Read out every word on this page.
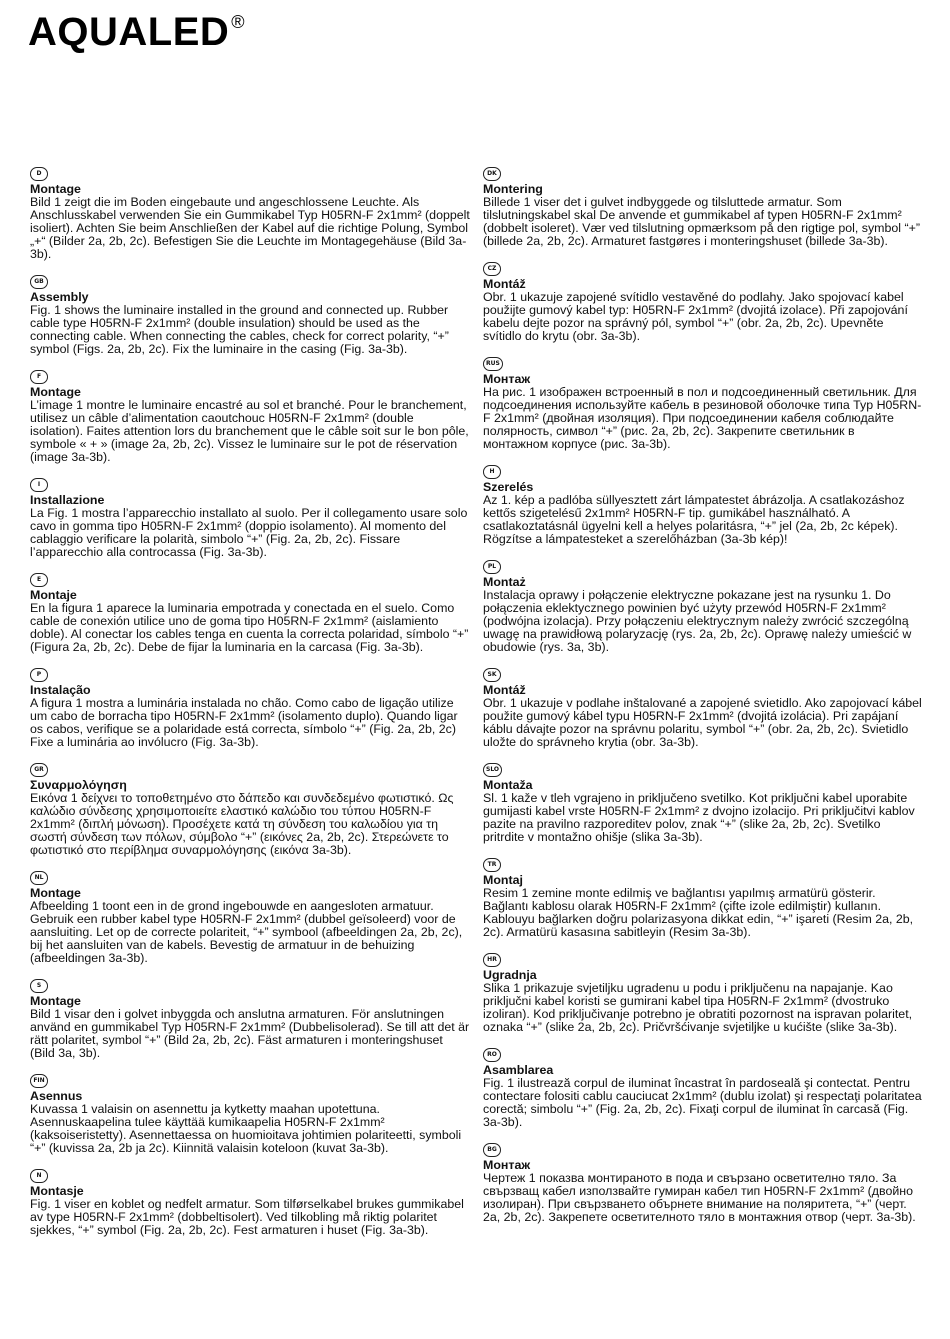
AQUALED ®
D

Montage

Bild 1 zeigt die im Boden eingebaute und angeschlossene Leuchte. Als Anschlusskabel verwenden Sie ein Gummikabel Typ H05RN-F 2x1mm² (doppelt isoliert). Achten Sie beim Anschließen der Kabel auf die richtige Polung, Symbol „+“ (Bilder 2a, 2b, 2c). Befestigen Sie die Leuchte im Montagegehäuse (Bild 3a-3b).

GB

Assembly

Fig. 1 shows the luminaire installed in the ground and connected up. Rubber cable type H05RN-F 2x1mm² (double insulation) should be used as the connecting cable. When connecting the cables, check for correct polarity, “+” symbol (Figs. 2a, 2b, 2c). Fix the luminaire in the casing (Fig. 3a-3b).

F

Montage

L’image 1 montre le luminaire encastré au sol et branché. Pour le branchement, utilisez un câble d’alimentation caoutchouc H05RN-F 2x1mm² (double isolation). Faites attention lors du branchement que le câble soit sur le bon pôle, symbole « + » (image 2a, 2b, 2c). Vissez le luminaire sur le pot de réservation (image 3a-3b).

I

Installazione

La Fig. 1 mostra l’apparecchio installato al suolo. Per il collegamento usare solo cavo in gomma tipo H05RN-F 2x1mm² (doppio isolamento). Al momento del cablaggio verificare la polarità, simbolo “+” (Fig. 2a, 2b, 2c). Fissare l’apparecchio alla controcassa (Fig. 3a-3b).

E

Montaje

En la figura 1 aparece la luminaria empotrada y conectada en el suelo. Como cable de conexión utilice uno de goma tipo H05RN-F 2x1mm² (aislamiento doble). Al conectar los cables tenga en cuenta la correcta polaridad, símbolo “+” (Figura 2a, 2b, 2c). Debe de fijar la luminaria en la carcasa (Fig. 3a-3b).

P

Instalação

A figura 1 mostra a luminária instalada no chão. Como cabo de ligação utilize um cabo de borracha tipo H05RN-F 2x1mm² (isolamento duplo). Quando ligar os cabos, verifique se a polaridade está correcta, símbolo “+” (Fig. 2a, 2b, 2c) Fixe a luminária ao invólucro (Fig. 3a-3b).

GR

Συναρμολόγηση

Εικόνα 1 δείχνει το τοποθετημένο στο δάπεδο και συνδεδεμένο φωτιστικό. Ως καλώδιο σύνδεσης χρησιμοποιείτε ελαστικό καλώδιο του τύπου H05RN-F 2x1mm² (διπλή μόνωση). Προσέχετε κατά τη σύνδεση του καλωδίου για τη σωστή σύνδεση των πόλων, σύμβολο “+” (εικόνες 2a, 2b, 2c). Στερεώνετε το φωτιστικό στο περίβλημα συναρμολόγησης (εικόνα 3a-3b).

NL

Montage

Afbeelding 1 toont een in de grond ingebouwde en aangesloten armatuur. Gebruik een rubber kabel type H05RN-F 2x1mm² (dubbel geïsoleerd) voor de aansluiting. Let op de correcte polariteit, “+” symbool (afbeeldingen 2a, 2b, 2c), bij het aansluiten van de kabels. Bevestig de armatuur in de behuizing (afbeeldingen 3a-3b).

S

Montage

Bild 1 visar den i golvet inbyggda och anslutna armaturen. För anslutningen använd en gummikabel Typ H05RN-F 2x1mm² (Dubbelisolerad). Se till att det är rätt polaritet, symbol “+” (Bild 2a, 2b, 2c). Fäst armaturen i monteringshuset (Bild 3a, 3b).

FIN

Asennus

Kuvassa 1 valaisin on asennettu ja kytketty maahan upotettuna. Asennuskaapelina tulee käyttää kumikaapelia H05RN-F 2x1mm² (kaksoiseristetty). Asennettaessa on huomioitava johtimien polariteetti, symboli “+” (kuvissa 2a, 2b ja 2c). Kiinnitä valaisin koteloon (kuvat 3a-3b).

N

Montasje

Fig. 1 viser en koblet og nedfelt armatur. Som tilførselkabel brukes gummikabel av type H05RN-F 2x1mm² (dobbeltisolert). Ved tilkobling må riktig polaritet sjekkes, “+” symbol (Fig. 2a, 2b, 2c). Fest armaturen i huset (Fig. 3a-3b).

DK

Montering

Billede 1 viser det i gulvet indbyggede og tilsluttede armatur. Som tilslutningskabel skal De anvende et gummikabel af typen H05RN-F 2x1mm² (dobbelt isoleret). Vær ved tilslutning opmærksom på den rigtige pol, symbol “+” (billede 2a, 2b, 2c). Armaturet fastgøres i monteringshuset (billede 3a-3b).

CZ

Montáž

Obr. 1 ukazuje zapojené svítidlo vestavěné do podlahy. Jako spojovací kabel použijte gumový kabel typ: H05RN-F 2x1mm² (dvojitá izolace). Při zapojování kabelu dejte pozor na správný pól, symbol “+” (obr. 2a, 2b, 2c). Upevněte svítidlo do krytu (obr. 3a-3b).

RUS

Монтаж

На рис. 1 изображен встроенный в пол и подсоединенный светильник. Для подсоединения используйте кабель в резиновой оболочке типа Typ H05RN-F 2x1mm² (двойная изоляция). При подсоединении кабеля соблюдайте полярность, символ “+” (рис. 2a, 2b, 2c). Закрепите светильник в монтажном корпусе (рис. 3a-3b).

H

Szerelés

Az 1. kép a padlóba süllyesztett zárt lámpatestet ábrázolja. A csatlakozáshoz kettős szigetelésű 2x1mm² H05RN-F tip. gumikábel használható. A csatlakoztatásnál ügyelni kell a helyes polaritásra, “+” jel (2a, 2b, 2c képek). Rögzítse a lámpatesteket a szerelőházban (3a-3b kép)!

PL

Montaż

Instalacja oprawy i połączenie elektryczne pokazane jest na rysunku 1. Do połączenia eklektycznego powinien być użyty przewód H05RN-F 2x1mm² (podwójna izolacja). Przy połączeniu elektrycznym należy zwrócić szczególną uwagę na prawidłową polaryzację (rys. 2a, 2b, 2c). Oprawę należy umieścić w obudowie (rys. 3a, 3b).

SK

Montáž

Obr. 1 ukazuje v podlahe inštalované a zapojené svietidlo. Ako zapojovací kábel použite gumový kábel typu H05RN-F 2x1mm² (dvojitá izolácia). Pri zapájaní káblu dávajte pozor na správnu polaritu, symbol “+” (obr. 2a, 2b, 2c). Svietidlo uložte do správneho krytia (obr. 3a-3b).

SLO

Montaža

Sl. 1 kaže v tleh vgrajeno in priključeno svetilko. Kot priključni kabel uporabite gumijasti kabel vrste H05RN-F 2x1mm² z dvojno izolacijo. Pri priključitvi kablov pazite na pravilno razporeditev polov, znak “+” (slike 2a, 2b, 2c). Svetilko pritrdite v montažno ohišje (slika 3a-3b).

TR

Montaj

Resim 1 zemine monte edilmiş ve bağlantısı yapılmış armatürü gösterir. Bağlantı kablosu olarak H05RN-F 2x1mm² (çifte izole edilmiştir) kullanın. Kablouyu bağlarken doğru polarizasyona dikkat edin, “+” işareti (Resim 2a, 2b, 2c). Armatürü kasasına sabitleyin (Resim 3a-3b).

HR

Ugradnja

Slika 1 prikazuje svjetiljku ugradenu u podu i priključenu na napajanje. Kao priključni kabel koristi se gumirani kabel tipa H05RN-F 2x1mm² (dvostruko izoliran). Kod priključivanje potrebno je obratiti pozornost na ispravan polaritet, oznaka “+” (slike 2a, 2b, 2c). Pričvršćivanje svjetiljke u kućište (slike 3a-3b).

RO

Asamblarea

Fig. 1 ilustrează corpul de iluminat încastrat în pardoseală şi contectat. Pentru contectare folositi cablu cauciucat 2x1mm² (dublu izolat) şi respectaţi polaritatea corectă; simbolu “+” (Fig. 2a, 2b, 2c). Fixaţi corpul de iluminat în carcasă (Fig. 3a-3b).

BG

Монтаж

Чертеж 1 показва монтираното в пода и свързано осветително тяло. За свързващ кабел използвайте гумиран кабел тип H05RN-F 2x1mm² (двойно изолиран). При свързването обърнете внимание на поляритета, “+” (черт. 2a, 2b, 2c). Закрепете осветителното тяло в монтажния отвор (черт. 3a-3b).
